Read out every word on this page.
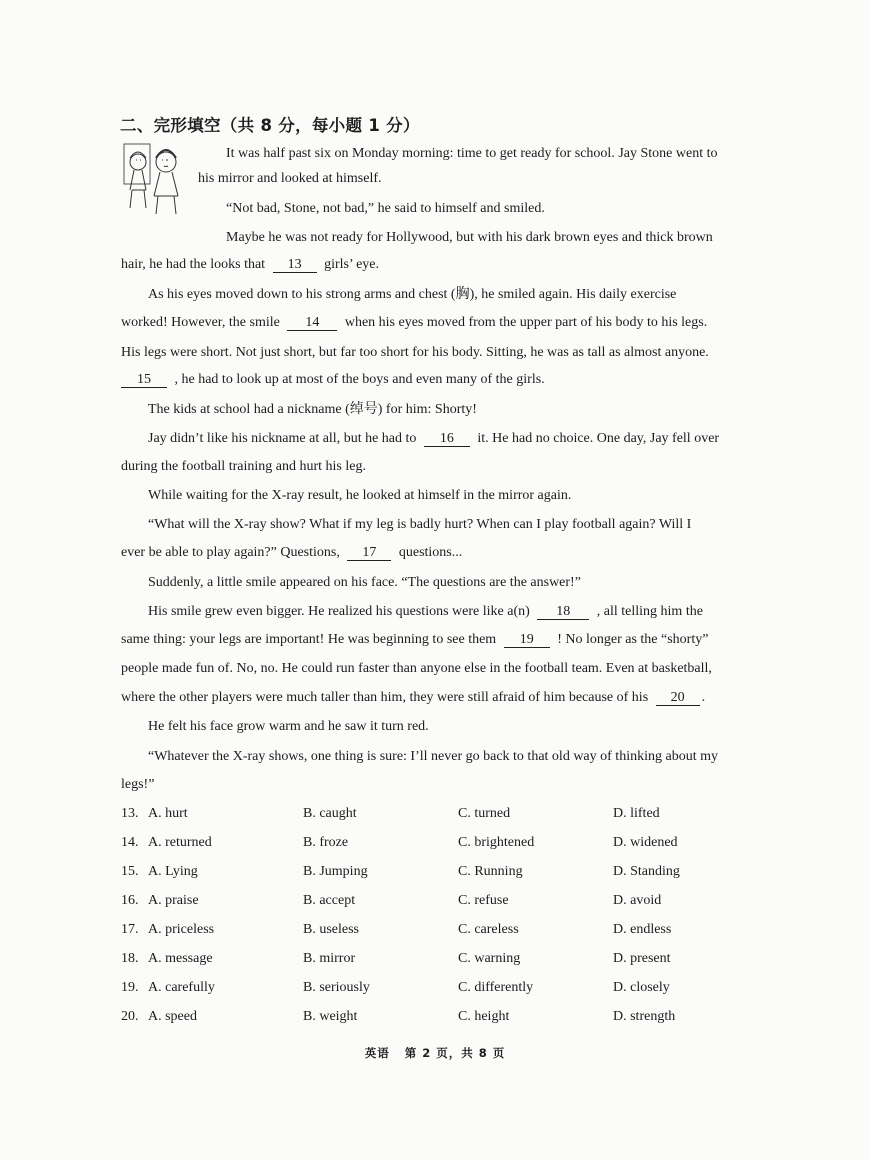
二、完形填空（共 8 分，每小题 1 分）
It was half past six on Monday morning: time to get ready for school. Jay Stone went to
his mirror and looked at himself.
“Not bad, Stone, not bad,” he said to himself and smiled.
Maybe he was not ready for Hollywood, but with his dark brown eyes and thick brown
hair, he had the looks that 13 girls’ eye.
As his eyes moved down to his strong arms and chest (胸), he smiled again. His daily exercise
worked! However, the smile 14 when his eyes moved from the upper part of his body to his legs.
His legs were short. Not just short, but far too short for his body. Sitting, he was as tall as almost anyone.
15 , he had to look up at most of the boys and even many of the girls.
The kids at school had a nickname (绰号) for him: Shorty!
Jay didn’t like his nickname at all, but he had to 16 it. He had no choice. One day, Jay fell over
during the football training and hurt his leg.
While waiting for the X-ray result, he looked at himself in the mirror again.
“What will the X-ray show? What if my leg is badly hurt? When can I play football again? Will I
ever be able to play again?” Questions, 17 questions...
Suddenly, a little smile appeared on his face. “The questions are the answer!”
His smile grew even bigger. He realized his questions were like a(n) 18 , all telling him the
same thing: your legs are important! He was beginning to see them 19 ! No longer as the “shorty”
people made fun of. No, no. He could run faster than anyone else in the football team. Even at basketball,
where the other players were much taller than him, they were still afraid of him because of his 20 .
He felt his face grow warm and he saw it turn red.
“Whatever the X-ray shows, one thing is sure: I’ll never go back to that old way of thinking about my
legs!”
13. A. hurt	B. caught	C. turned	D. lifted
14. A. returned	B. froze	C. brightened	D. widened
15. A. Lying	B. Jumping	C. Running	D. Standing
16. A. praise	B. accept	C. refuse	D. avoid
17. A. priceless	B. useless	C. careless	D. endless
18. A. message	B. mirror	C. warning	D. present
19. A. carefully	B. seriously	C. differently	D. closely
20. A. speed	B. weight	C. height	D. strength
英语   第 2 页，共 8 页
